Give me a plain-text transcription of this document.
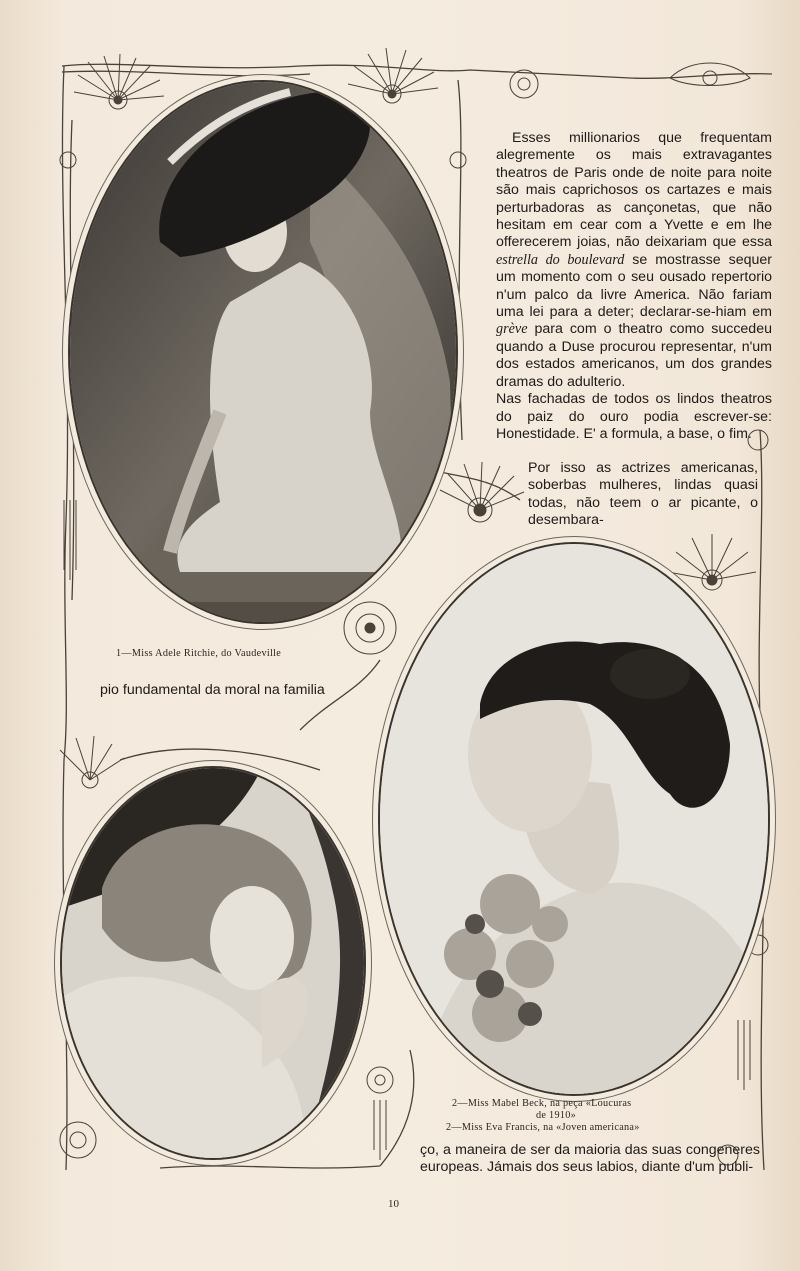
Esses millionarios que frequentam alegremente os mais extravagantes theatros de Paris onde de noite para noite são mais caprichosos os cartazes e mais perturbadoras as cançonetas, que não hesitam em cear com a Yvette e em lhe offerecerem joias, não deixariam que essa estrella do boulevard se mostrasse sequer um momento com o seu ousado repertorio n'um palco da livre America. Não fariam uma lei para a deter; declarar-se-hiam em grève para com o theatro como succedeu quando a Duse procurou representar, n'um dos estados americanos, um dos grandes dramas do adulterio.

Nas fachadas de todos os lindos theatros do paiz do ouro podia escrever-se: Honestidade. E' a formula, a base, o fim.

Por isso as actrizes americanas, soberbas mulheres, lindas quasi todas, não teem o ar picante, o desembara-
pio fundamental da moral na familia
ço, a maneira de ser da maioria das suas congeneres europeas. Jámais dos seus labios, diante d'um publi-
1—Miss Adele Ritchie, do Vaudeville
2—Miss Mabel Beck, na peça «Loucuras
de 1910»
2—Miss Eva Francis, na «Joven americana»
10
